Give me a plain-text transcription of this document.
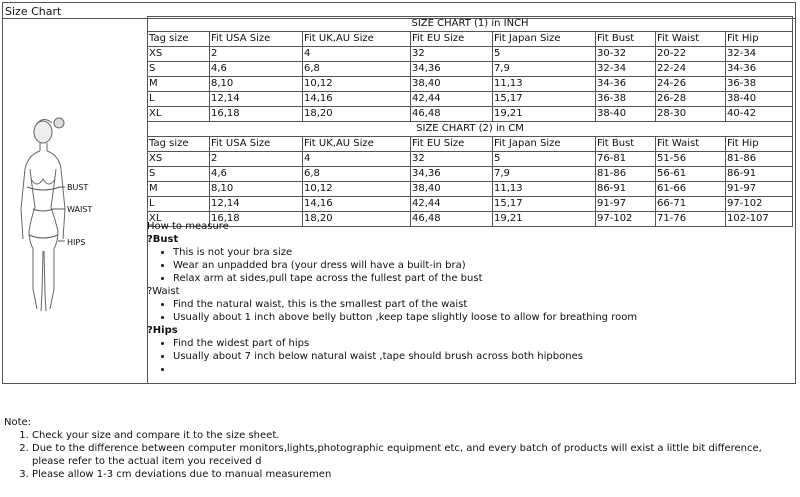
Size Chart
BUST
WAIST
HIPS
SIZE CHART (1) in INCH							
Tag size	Fit USA Size	Fit UK,AU Size	Fit EU Size	Fit Japan Size	Fit Bust	Fit Waist	Fit Hip
XS	2	4	32	5	30-32	20-22	32-34
S	4,6	6,8	34,36	7,9	32-34	22-24	34-36
M	8,10	10,12	38,40	11,13	34-36	24-26	36-38
L	12,14	14,16	42,44	15,17	36-38	26-28	38-40
XL	16,18	18,20	46,48	19,21	38-40	28-30	40-42
SIZE CHART (2) in CM							
Tag size	Fit USA Size	Fit UK,AU Size	Fit EU Size	Fit Japan Size	Fit Bust	Fit Waist	Fit Hip
XS	2	4	32	5	76-81	51-56	81-86
S	4,6	6,8	34,36	7,9	81-86	56-61	86-91
M	8,10	10,12	38,40	11,13	86-91	61-66	91-97
L	12,14	14,16	42,44	15,17	91-97	66-71	97-102
XL	16,18	18,20	46,48	19,21	97-102	71-76	102-107
How to measure
?Bust
• This is not your bra size
• Wear an unpadded bra (your dress will have a built-in bra)
• Relax arm at sides,pull tape across the fullest part of the bust
?Waist
• Find the natural waist, this is the smallest part of the waist
• Usually about 1 inch above belly button ,keep tape slightly loose to allow for breathing room
?Hips
• Find the widest part of hips
• Usually about 7 inch below natural waist ,tape should brush across both hipbones
•
Note:
1. Check your size and compare it to the size sheet.
2. Due to the difference between computer monitors,lights,photographic equipment etc, and every batch of products will exist a little bit difference, please refer to the actual item you received d
3. Please allow 1-3 cm deviations due to manual measuremen
